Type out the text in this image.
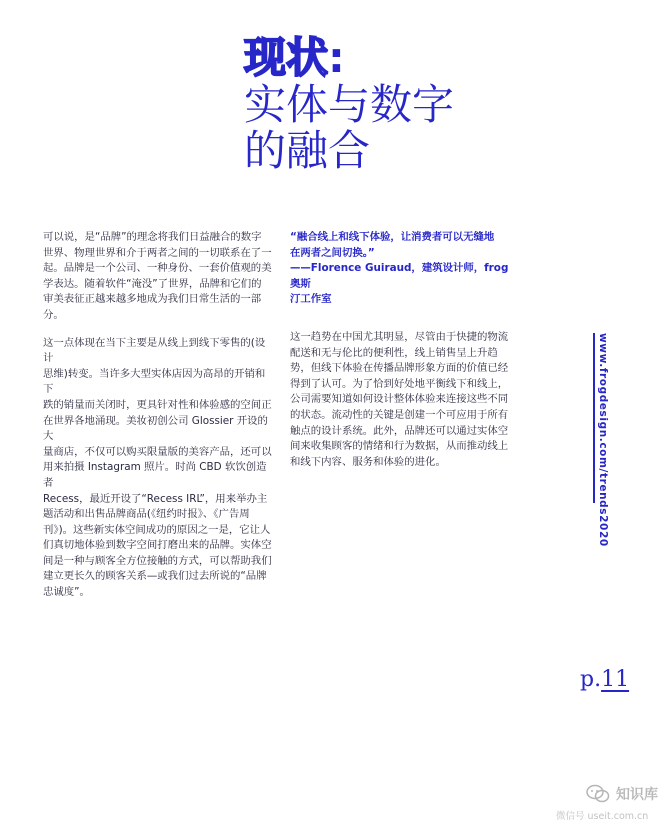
现状:
实体与数字
的融合

可以说，是“品牌”的理念将我们日益融合的数字
世界、物理世界和介于两者之间的一切联系在了一
起。品牌是一个公司、一种身份、一套价值观的美
学表达。随着软件“淹没”了世界，品牌和它们的
审美表征正越来越多地成为我们日常生活的一部
分。

这一点体现在当下主要是从线上到线下零售的(设计
思维)转变。当许多大型实体店因为高昂的开销和下
跌的销量而关闭时，更具针对性和体验感的空间正
在世界各地涌现。美妆初创公司 Glossier 开设的大
量商店，不仅可以购买限量版的美容产品，还可以
用来拍摄 Instagram 照片。时尚 CBD 软饮创造者
Recess，最近开设了“Recess IRL”，用来举办主
题活动和出售品牌商品(《纽约时报》、《广告周
刊》)。这些新实体空间成功的原因之一是，它让人
们真切地体验到数字空间打磨出来的品牌。实体空
间是一种与顾客全方位接触的方式，可以帮助我们
建立更长久的顾客关系—或我们过去所说的“品牌
忠诚度”。

“融合线上和线下体验，让消费者可以无缝地
在两者之间切换。”
——Florence Guiraud，建筑设计师，frog 奥斯
汀工作室

这一趋势在中国尤其明显，尽管由于快捷的物流
配送和无与伦比的便利性，线上销售呈上升趋
势，但线下体验在传播品牌形象方面的价值已经
得到了认可。为了恰到好处地平衡线下和线上，
公司需要知道如何设计整体体验来连接这些不同
的状态。流动性的关键是创建一个可应用于所有
触点的设计系统。此外，品牌还可以通过实体空
间来收集顾客的情绪和行为数据，从而推动线上
和线下内容、服务和体验的进化。	www.frogdesign.com/trends2020
p.11
知识库
微信号 useit.com.cn
